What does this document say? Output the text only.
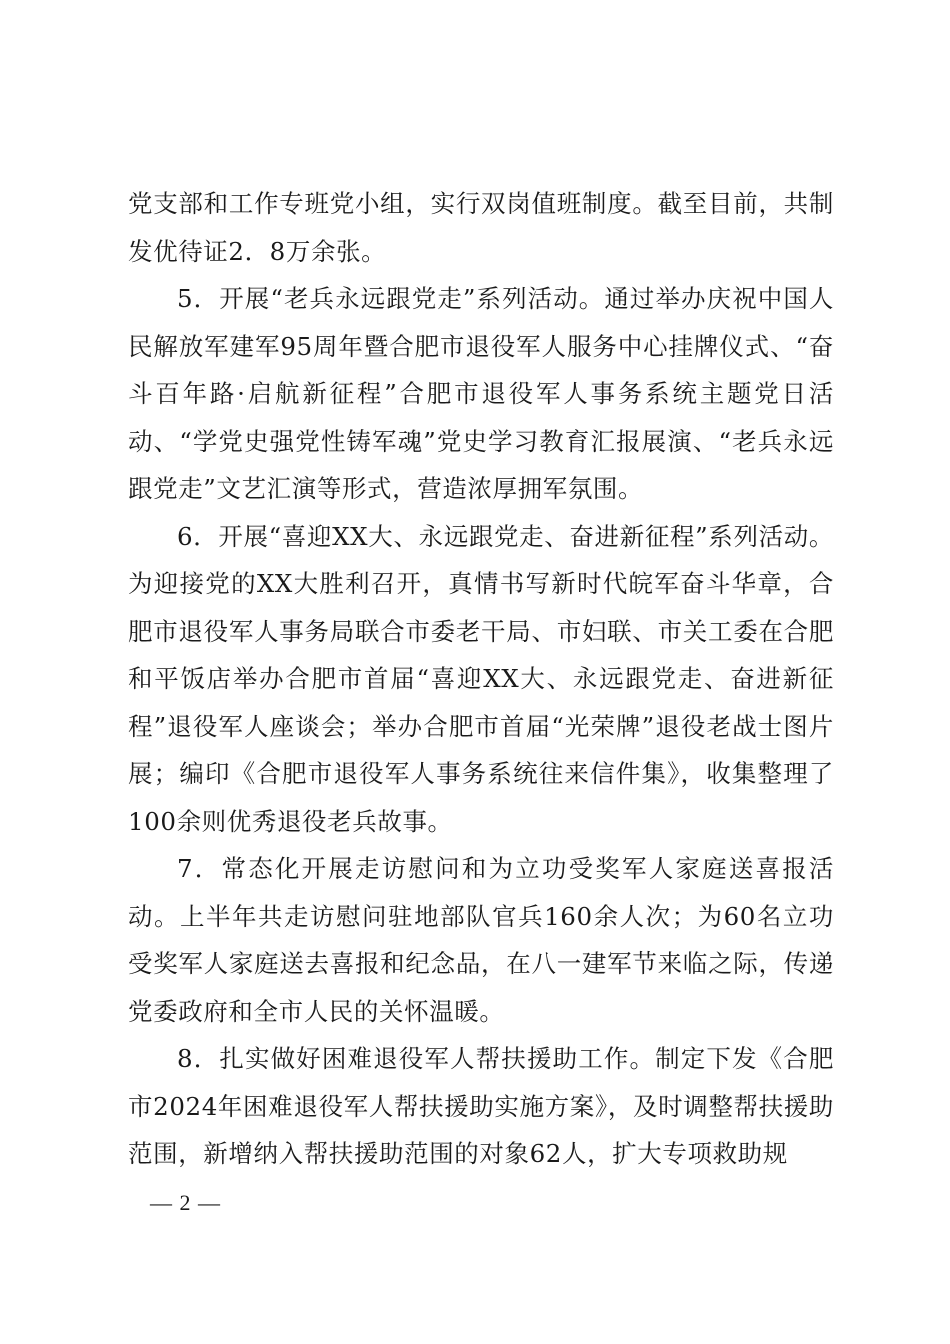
党支部和工作专班党小组，实行双岗值班制度。截至目前，共制发优待证2．8万余张。

5．开展“老兵永远跟党走”系列活动。通过举办庆祝中国人民解放军建军95周年暨合肥市退役军人服务中心挂牌仪式、“奋斗百年路·启航新征程”合肥市退役军人事务系统主题党日活动、“学党史强党性铸军魂”党史学习教育汇报展演、“老兵永远跟党走”文艺汇演等形式，营造浓厚拥军氛围。

6．开展“喜迎XX大、永远跟党走、奋进新征程”系列活动。为迎接党的XX大胜利召开，真情书写新时代皖军奋斗华章，合肥市退役军人事务局联合市委老干局、市妇联、市关工委在合肥和平饭店举办合肥市首届“喜迎XX大、永远跟党走、奋进新征程”退役军人座谈会；举办合肥市首届“光荣牌”退役老战士图片展；编印《合肥市退役军人事务系统往来信件集》，收集整理了100余则优秀退役老兵故事。

7．常态化开展走访慰问和为立功受奖军人家庭送喜报活动。上半年共走访慰问驻地部队官兵160余人次；为60名立功受奖军人家庭送去喜报和纪念品，在八一建军节来临之际，传递党委政府和全市人民的关怀温暖。

8．扎实做好困难退役军人帮扶援助工作。制定下发《合肥市2024年困难退役军人帮扶援助实施方案》，及时调整帮扶援助范围，新增纳入帮扶援助范围的对象62人，扩大专项救助规

— 2 —
